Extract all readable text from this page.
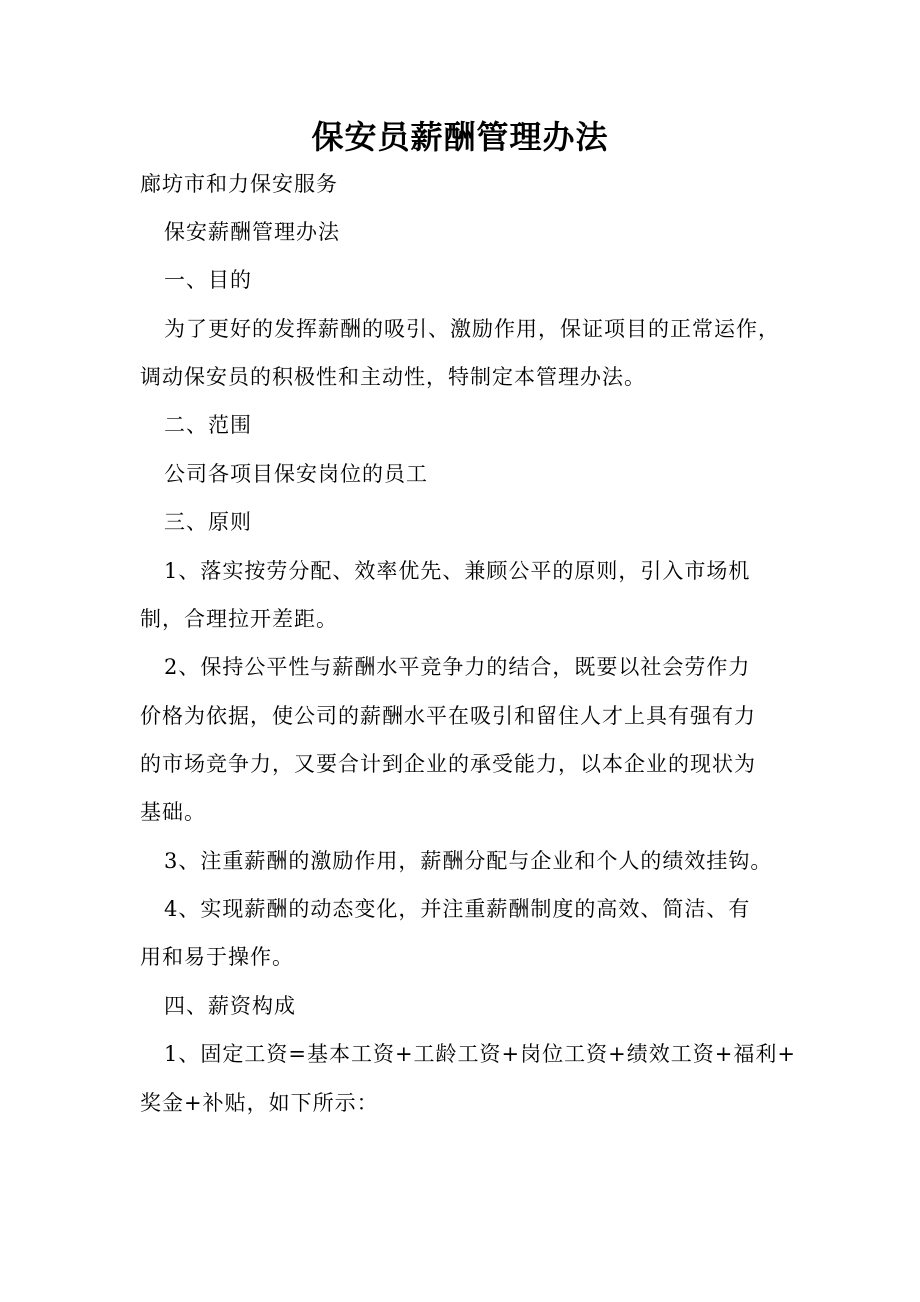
保安员薪酬管理办法
廊坊市和力保安服务
保安薪酬管理办法
一、目的
为了更好的发挥薪酬的吸引、激励作用，保证项目的正常运作，
调动保安员的积极性和主动性，特制定本管理办法。
二、范围
公司各项目保安岗位的员工
三、原则
1、落实按劳分配、效率优先、兼顾公平的原则，引入市场机
制，合理拉开差距。
2、保持公平性与薪酬水平竞争力的结合，既要以社会劳作力
价格为依据，使公司的薪酬水平在吸引和留住人才上具有强有力
的市场竞争力，又要合计到企业的承受能力，以本企业的现状为
基础。
3、注重薪酬的激励作用，薪酬分配与企业和个人的绩效挂钩。
4、实现薪酬的动态变化，并注重薪酬制度的高效、简洁、有
用和易于操作。
四、薪资构成
1、固定工资=基本工资+工龄工资+岗位工资+绩效工资+福利+
奖金+补贴，如下所示：
